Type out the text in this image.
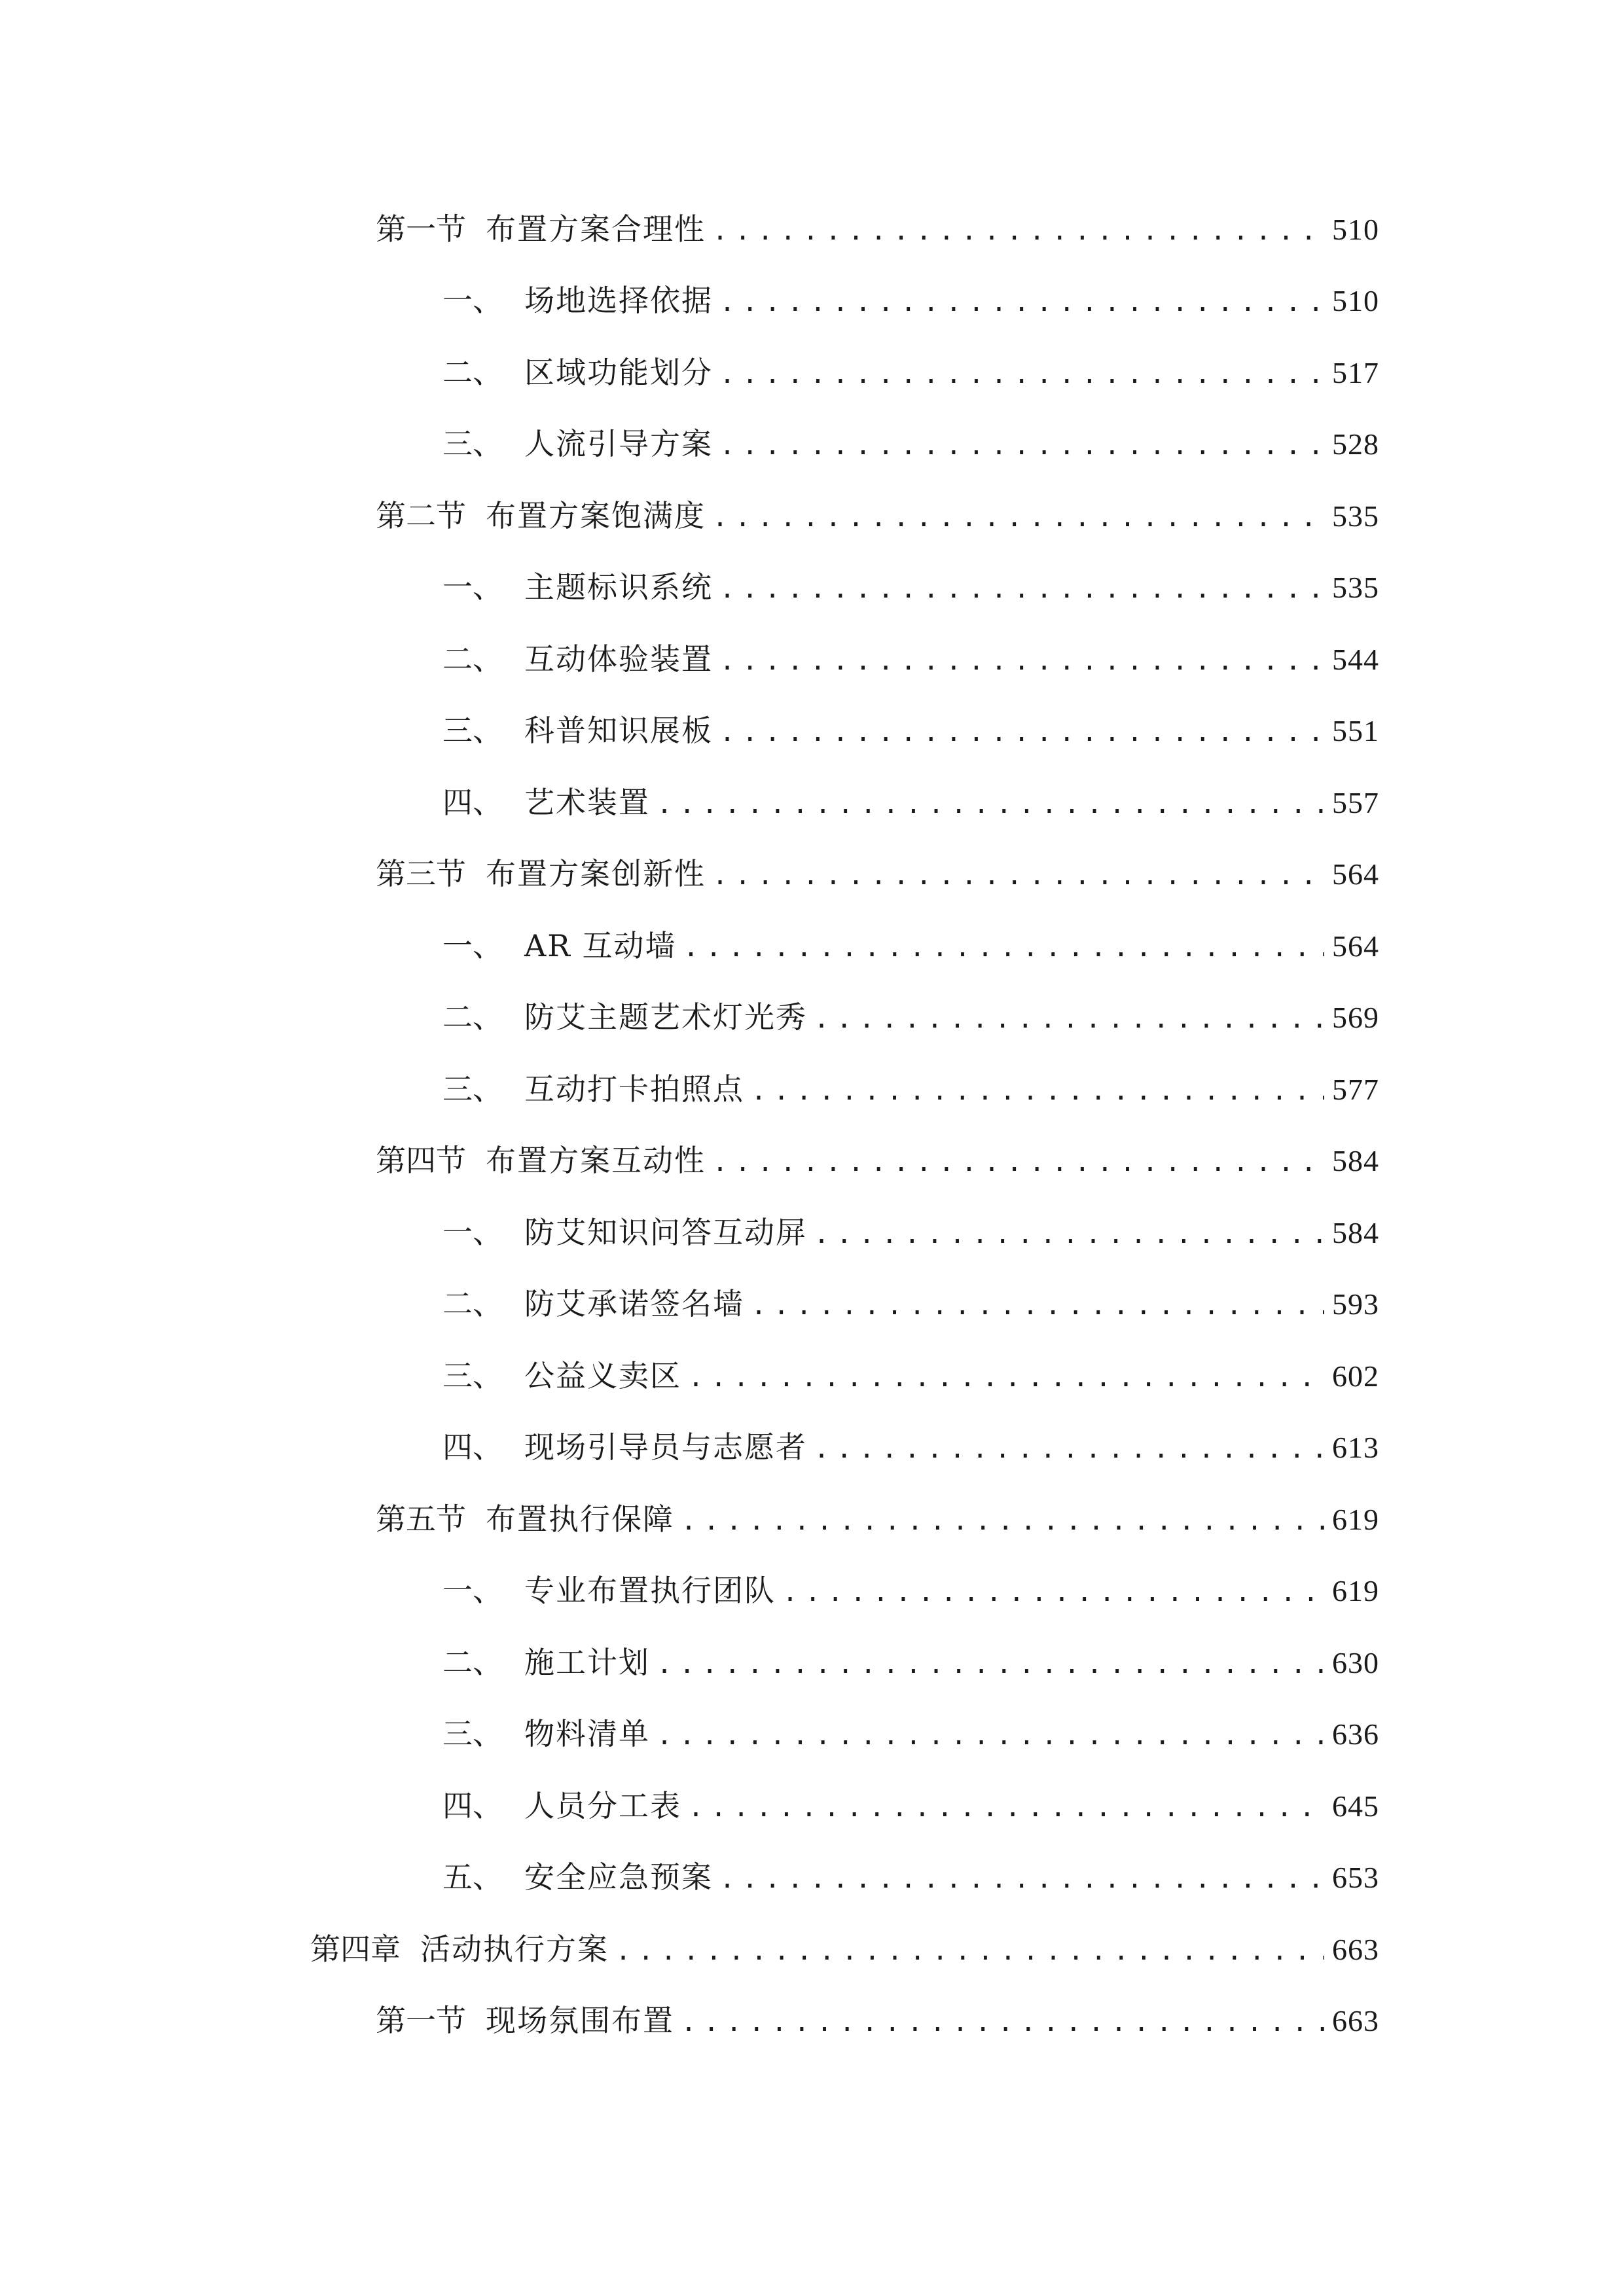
第一节 布置方案合理性 .....	510
一、 场地选择依据 .....	510
二、 区域功能划分 .....	517
三、 人流引导方案 .....	528
第二节 布置方案饱满度 .....	535
一、 主题标识系统 .....	535
二、 互动体验装置 .....	544
三、 科普知识展板 .....	551
四、 艺术装置 .....	557
第三节 布置方案创新性 .....	564
一、 AR 互动墙 .....	564
二、 防艾主题艺术灯光秀 .....	569
三、 互动打卡拍照点 .....	577
第四节 布置方案互动性 .....	584
一、 防艾知识问答互动屏 .....	584
二、 防艾承诺签名墙 .....	593
三、 公益义卖区 .....	602
四、 现场引导员与志愿者 .....	613
第五节 布置执行保障 .....	619
一、 专业布置执行团队 .....	619
二、 施工计划 .....	630
三、 物料清单 .....	636
四、 人员分工表 .....	645
五、 安全应急预案 .....	653
第四章 活动执行方案 .....	663
第一节 现场氛围布置 .....	663
